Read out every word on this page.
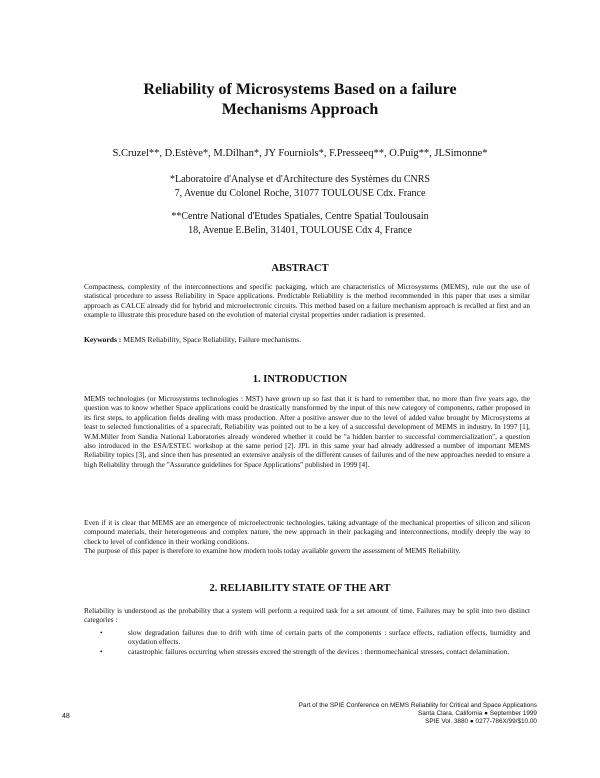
Reliability of Microsystems Based on a failure
Mechanisms Approach
S.Cruzel**, D.Estève*, M.Dilhan*, JY Fourniols*, F.Presseeq**, O.Puig**, JLSimonne*
*Laboratoire d'Analyse et d'Architecture des Systèmes du CNRS
7, Avenue du Colonel Roche, 31077 TOULOUSE Cdx. France
**Centre National d'Etudes Spatiales, Centre Spatial Toulousain
18, Avenue E.Belin, 31401, TOULOUSE Cdx 4, France
ABSTRACT

Compactness, complexity of the interconnections and specific packaging, which are characteristics of Microsystems (MEMS), rule out the use of statistical procedure to assess Reliability in Space applications. Predictable Reliability is the method recommended in this paper that uses a similar approach as CALCE already did for hybrid and microelectronic circuits. This method based on a failure mechanism approach is recalled at first and an example to illustrate this procedure based on the evolution of material crystal properties under radiation is presented.

Keywords : MEMS Reliability, Space Reliability, Failure mechanisms.
1. INTRODUCTION

MEMS technologies (or Microsystems technologies : MST) have grown up so fast that it is hard to remember that, no more than five years ago, the question was to know whether Space applications could be drastically transformed by the input of this new category of components, rather proposed in its first steps, to application fields dealing with mass production. After a positive answer due to the level of added value brought by Microsystems at least to selected functionalities of a spacecraft, Reliability was pointed out to be a key of a successful development of MEMS in industry. In 1997 [1], W.M.Miller from Sandia National Laboratories already wondered whether it could be "a hidden barrier to successful commercialization", a question also introduced in the ESA/ESTEC workshop at the same period [2]. JPL in this same year had already addressed a number of important MEMS Reliability topics [3], and since then has presented an extensive analysis of the different causes of failures and of the new approaches needed to ensure a high Reliability through the "Assurance guidelines for Space Applications" published in 1999 [4].

Even if it is clear that MEMS are an emergence of microelectronic technologies, taking advantage of the mechanical properties of silicon and silicon compound materials, their heterogeneous and complex nature, the new approach in their packaging and interconnections, modify deeply the way to check to level of confidence in their working conditions.

The purpose of this paper is therefore to examine how modern tools today available govern the assessment of MEMS Reliability.

2. RELIABILITY STATE OF THE ART

Reliability is understood as the probability that a system will perform a required task for a set amount of time. Failures may be split into two distinct categories :

•	slow degradation failures due to drift with time of certain parts of the components : surface effects, radiation effects, humidity and oxydation effects.
•	catastrophic failures occurring when stresses exceed the strength of the devices : thermomechanical stresses, contact delamination.
48
Part of the SPIE Conference on MEMS Reliability for Critical and Space Applications
Santa Clara, California ● September 1999
SPIE Vol. 3880 ● 0277-786X/99/$10.00
